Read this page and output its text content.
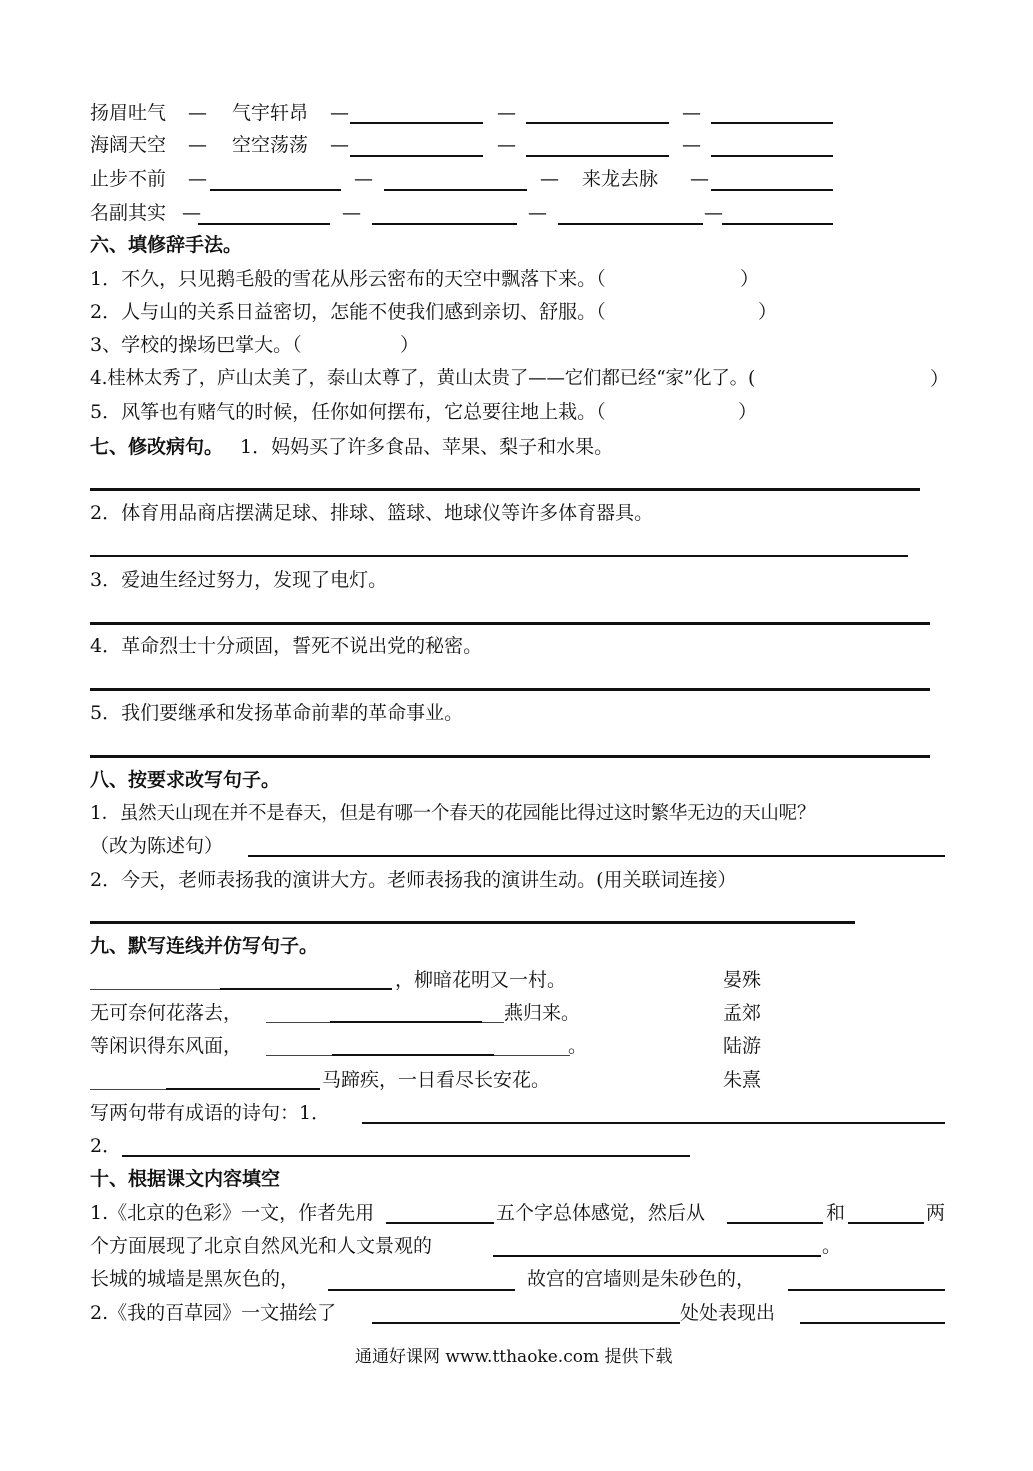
扬眉吐气 — 气宇轩昂 —	—	—
海阔天空 — 空空荡荡 —	—	—
止步不前 —	—	— 来龙去脉 —
名副其实 —	—	—	—
六、填修辞手法。
1．不久，只见鹅毛般的雪花从彤云密布的天空中飘落下来。（	）
2．人与山的关系日益密切，怎能不使我们感到亲切、舒服。（	）
3、学校的操场巴掌大。（	）
4.桂林太秀了，庐山太美了，泰山太尊了，黄山太贵了——它们都已经“家”化了。(	）
5．风筝也有赌气的时候，任你如何摆布，它总要往地上栽。（	）
七、修改病句。 1．妈妈买了许多食品、苹果、梨子和水果。
2．体育用品商店摆满足球、排球、篮球、地球仪等许多体育器具。
3．爱迪生经过努力，发现了电灯。
4．革命烈士十分顽固，誓死不说出党的秘密。
5．我们要继承和发扬革命前辈的革命事业。
八、按要求改写句子。
1．虽然天山现在并不是春天，但是有哪一个春天的花园能比得过这时繁华无边的天山呢？
（改为陈述句）
2．今天，老师表扬我的演讲大方。老师表扬我的演讲生动。(用关联词连接）
九、默写连线并仿写句子。
，柳暗花明又一村。	晏殊
无可奈何花落去，	燕归来。	孟郊
等闲识得东风面，	。	陆游
马蹄疾，一日看尽长安花。	朱熹
写两句带有成语的诗句：1．
2．
十、根据课文内容填空
1.《北京的色彩》一文，作者先用	五个字总体感觉，然后从	和	两
个方面展现了北京自然风光和人文景观的	。
长城的城墙是黑灰色的，	故宫的宫墙则是朱砂色的，
2.《我的百草园》一文描绘了	处处表现出
通通好课网 www.tthaoke.com 提供下载
